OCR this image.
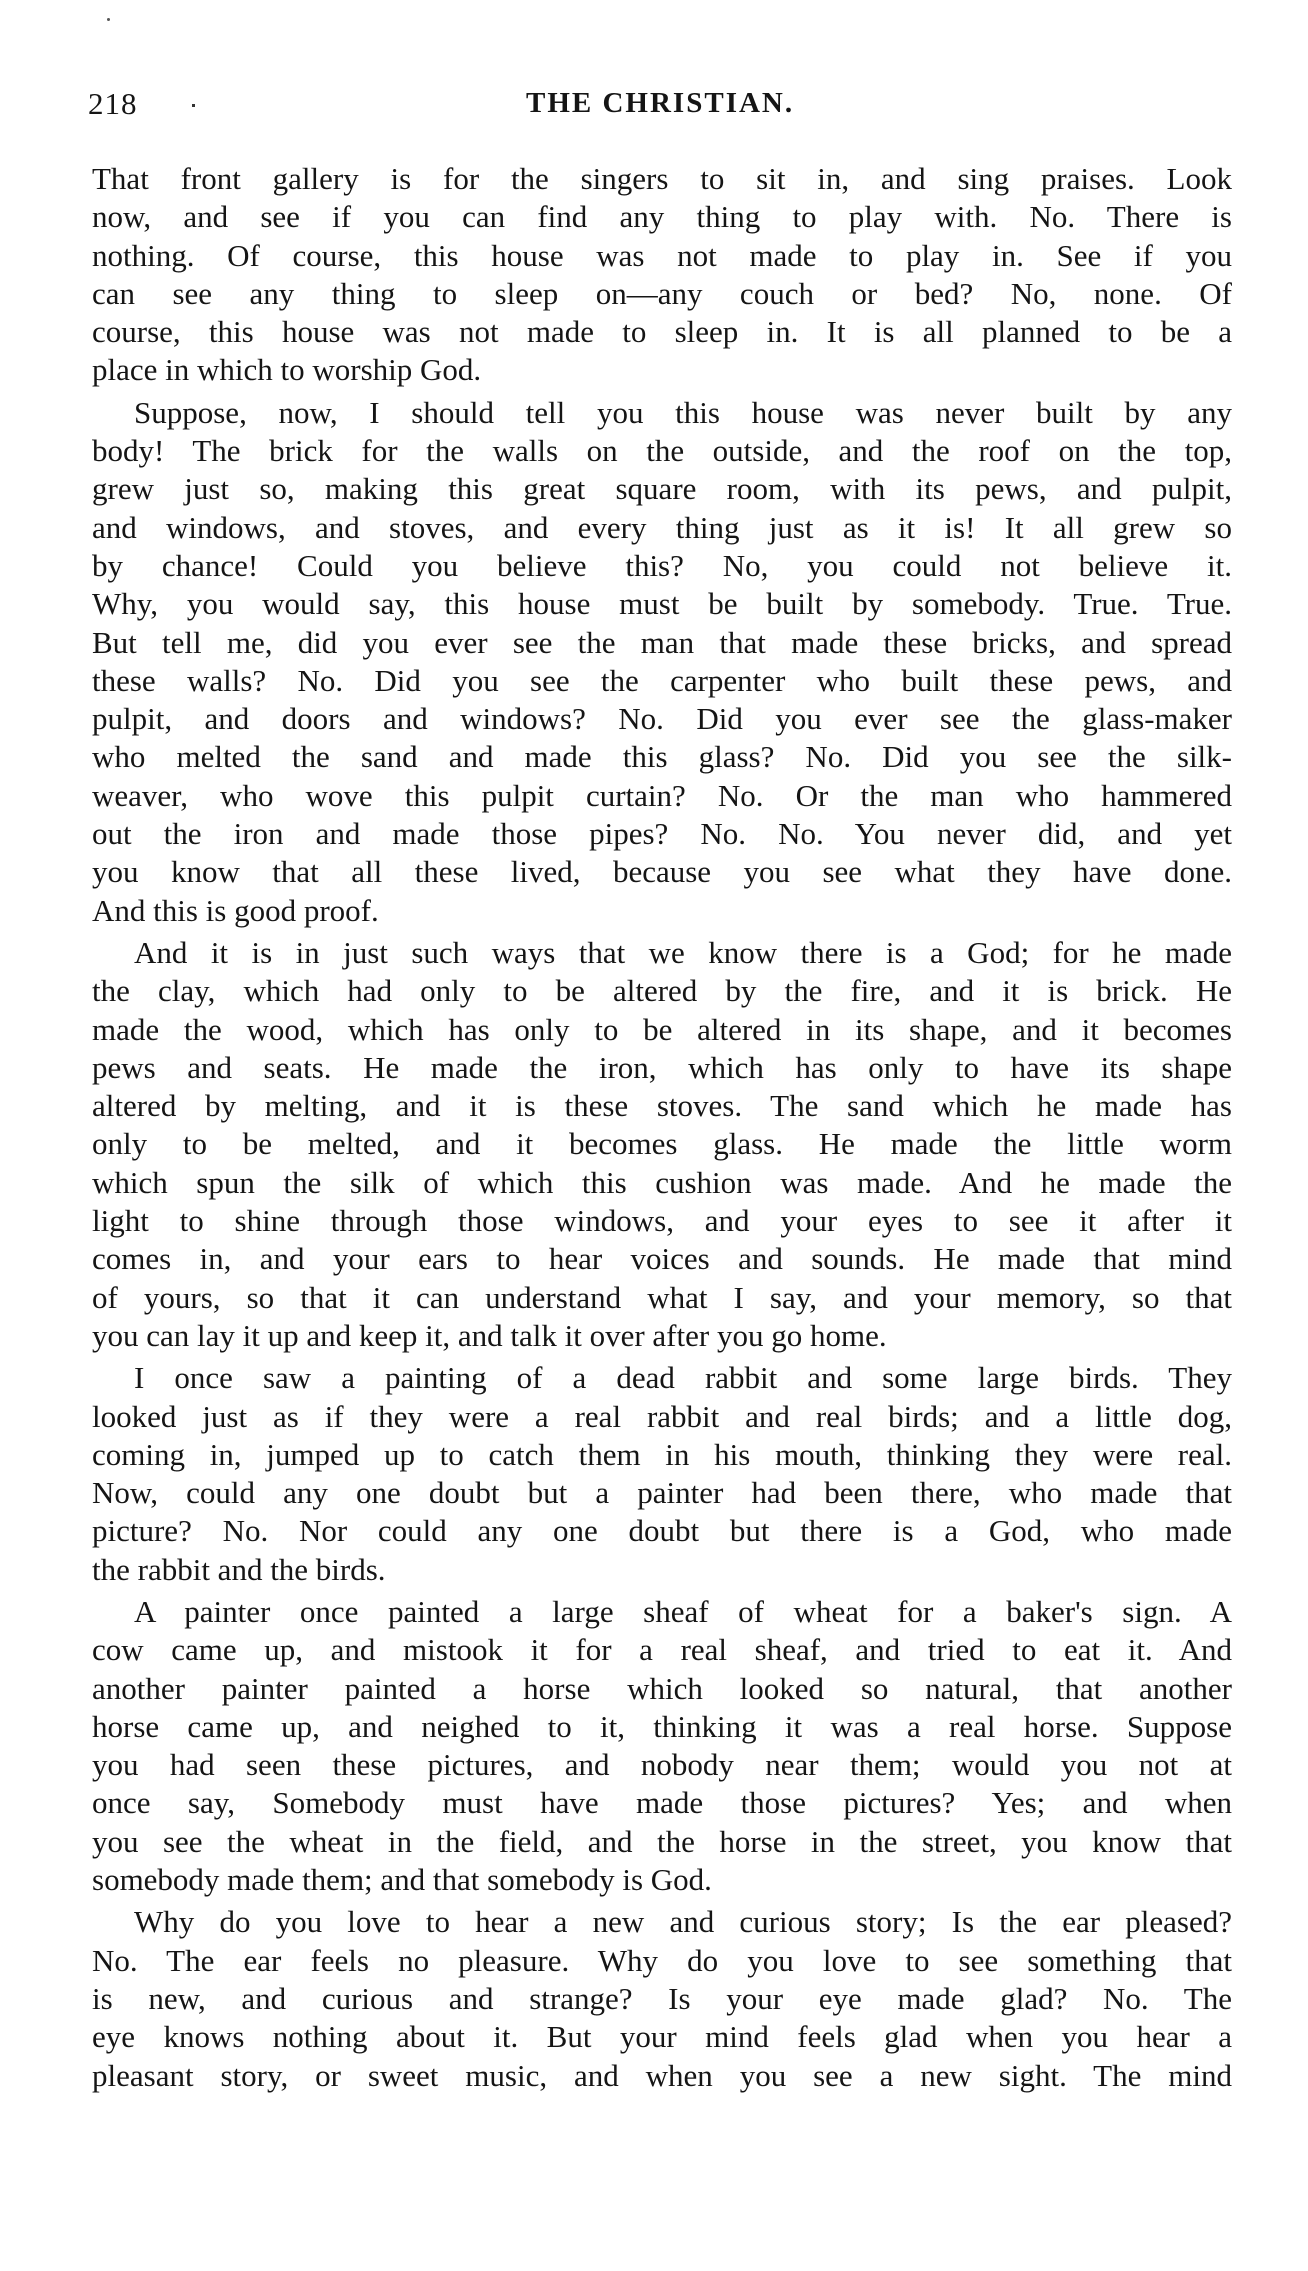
218	THE CHRISTIAN.
That front gallery is for the singers to sit in, and sing praises. Look
now, and see if you can find any thing to play with. No. There is
nothing. Of course, this house was not made to play in. See if you
can see any thing to sleep on—any couch or bed? No, none. Of
course, this house was not made to sleep in. It is all planned to be a
place in which to worship God.
Suppose, now, I should tell you this house was never built by any
body! The brick for the walls on the outside, and the roof on the top,
grew just so, making this great square room, with its pews, and pulpit,
and windows, and stoves, and every thing just as it is! It all grew so
by chance! Could you believe this? No, you could not believe it.
Why, you would say, this house must be built by somebody. True. True.
But tell me, did you ever see the man that made these bricks, and spread
these walls? No. Did you see the carpenter who built these pews, and
pulpit, and doors and windows? No. Did you ever see the glass-maker
who melted the sand and made this glass? No. Did you see the silk-
weaver, who wove this pulpit curtain? No. Or the man who hammered
out the iron and made those pipes? No. No. You never did, and yet
you know that all these lived, because you see what they have done.
And this is good proof.
And it is in just such ways that we know there is a God; for he made
the clay, which had only to be altered by the fire, and it is brick. He
made the wood, which has only to be altered in its shape, and it becomes
pews and seats. He made the iron, which has only to have its shape
altered by melting, and it is these stoves. The sand which he made has
only to be melted, and it becomes glass. He made the little worm
which spun the silk of which this cushion was made. And he made the
light to shine through those windows, and your eyes to see it after it
comes in, and your ears to hear voices and sounds. He made that mind
of yours, so that it can understand what I say, and your memory, so that
you can lay it up and keep it, and talk it over after you go home.
I once saw a painting of a dead rabbit and some large birds. They
looked just as if they were a real rabbit and real birds; and a little dog,
coming in, jumped up to catch them in his mouth, thinking they were real.
Now, could any one doubt but a painter had been there, who made that
picture? No. Nor could any one doubt but there is a God, who made
the rabbit and the birds.
A painter once painted a large sheaf of wheat for a baker's sign. A
cow came up, and mistook it for a real sheaf, and tried to eat it. And
another painter painted a horse which looked so natural, that another
horse came up, and neighed to it, thinking it was a real horse. Suppose
you had seen these pictures, and nobody near them; would you not at
once say, Somebody must have made those pictures? Yes; and when
you see the wheat in the field, and the horse in the street, you know that
somebody made them; and that somebody is God.
Why do you love to hear a new and curious story; Is the ear pleased?
No. The ear feels no pleasure. Why do you love to see something that
is new, and curious and strange? Is your eye made glad? No. The
eye knows nothing about it. But your mind feels glad when you hear a
pleasant story, or sweet music, and when you see a new sight. The mind
